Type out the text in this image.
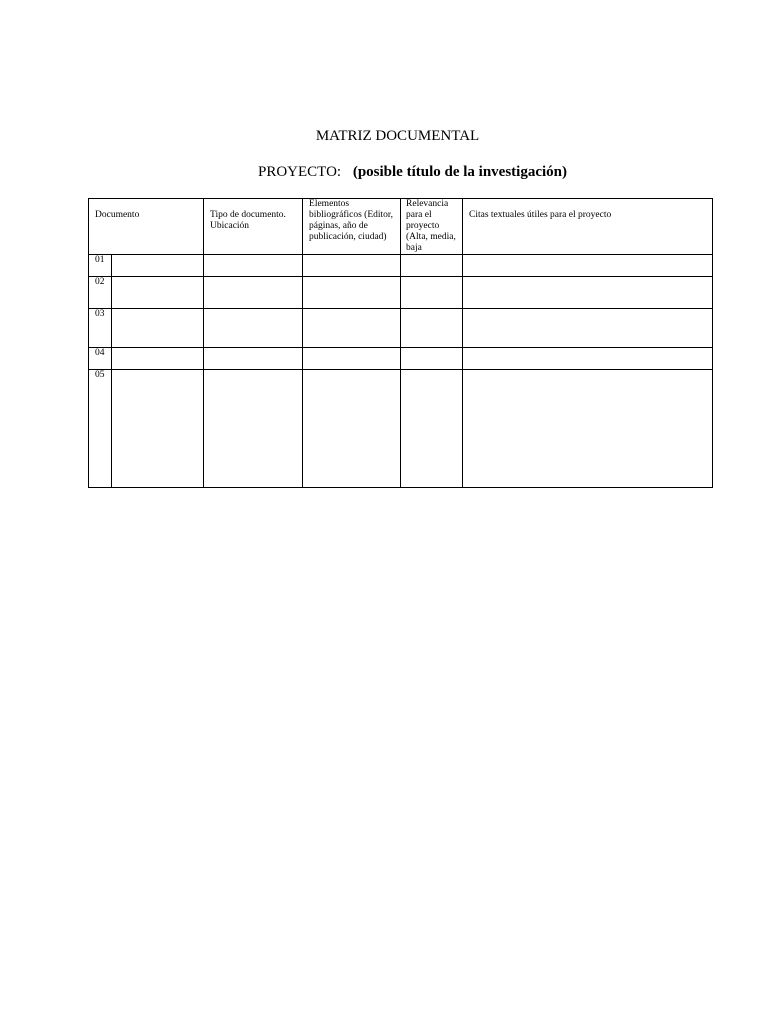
MATRIZ DOCUMENTAL
PROYECTO: (posible título de la investigación)
Documento		Tipo de documento. Ubicación	Elementos bibliográficos (Editor, páginas, año de publicación, ciudad)	Relevancia para el proyecto (Alta, media, baja	Citas textuales útiles para el proyecto

01					
02					
03					
04					
05					
